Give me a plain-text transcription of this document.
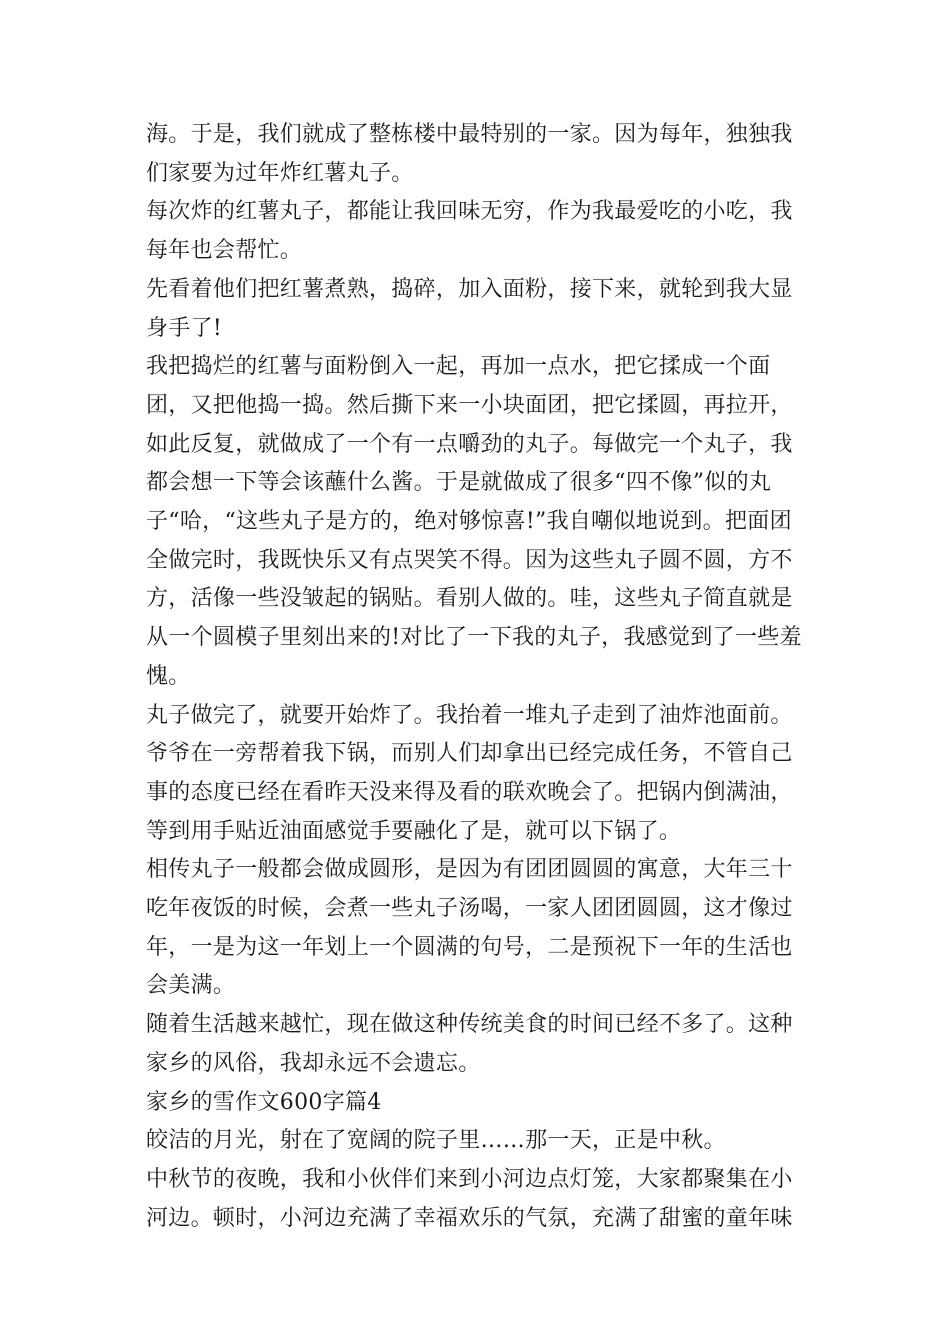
海。于是，我们就成了整栋楼中最特别的一家。因为每年，独独我们家要为过年炸红薯丸子。

每次炸的红薯丸子，都能让我回味无穷，作为我最爱吃的小吃，我每年也会帮忙。

先看着他们把红薯煮熟，捣碎，加入面粉，接下来，就轮到我大显身手了!

我把捣烂的红薯与面粉倒入一起，再加一点水，把它揉成一个面团，又把他捣一捣。然后撕下来一小块面团，把它揉圆，再拉开，如此反复，就做成了一个有一点嚼劲的丸子。每做完一个丸子，我都会想一下等会该蘸什么酱。于是就做成了很多“四不像”似的丸子“哈，“这些丸子是方的，绝对够惊喜!”我自嘲似地说到。把面团全做完时，我既快乐又有点哭笑不得。因为这些丸子圆不圆，方不方，活像一些没皱起的锅贴。看别人做的。哇，这些丸子简直就是从一个圆模子里刻出来的!对比了一下我的丸子，我感觉到了一些羞愧。

丸子做完了，就要开始炸了。我抬着一堆丸子走到了油炸池面前。爷爷在一旁帮着我下锅，而别人们却拿出已经完成任务，不管自己事的态度已经在看昨天没来得及看的联欢晚会了。把锅内倒满油，等到用手贴近油面感觉手要融化了是，就可以下锅了。

相传丸子一般都会做成圆形，是因为有团团圆圆的寓意，大年三十吃年夜饭的时候，会煮一些丸子汤喝，一家人团团圆圆，这才像过年，一是为这一年划上一个圆满的句号，二是预祝下一年的生活也会美满。

随着生活越来越忙，现在做这种传统美食的时间已经不多了。这种家乡的风俗，我却永远不会遗忘。

家乡的雪作文600字篇4

皎洁的月光，射在了宽阔的院子里……那一天，正是中秋。

中秋节的夜晚，我和小伙伴们来到小河边点灯笼，大家都聚集在小河边。顿时，小河边充满了幸福欢乐的气氛，充满了甜蜜的童年味
